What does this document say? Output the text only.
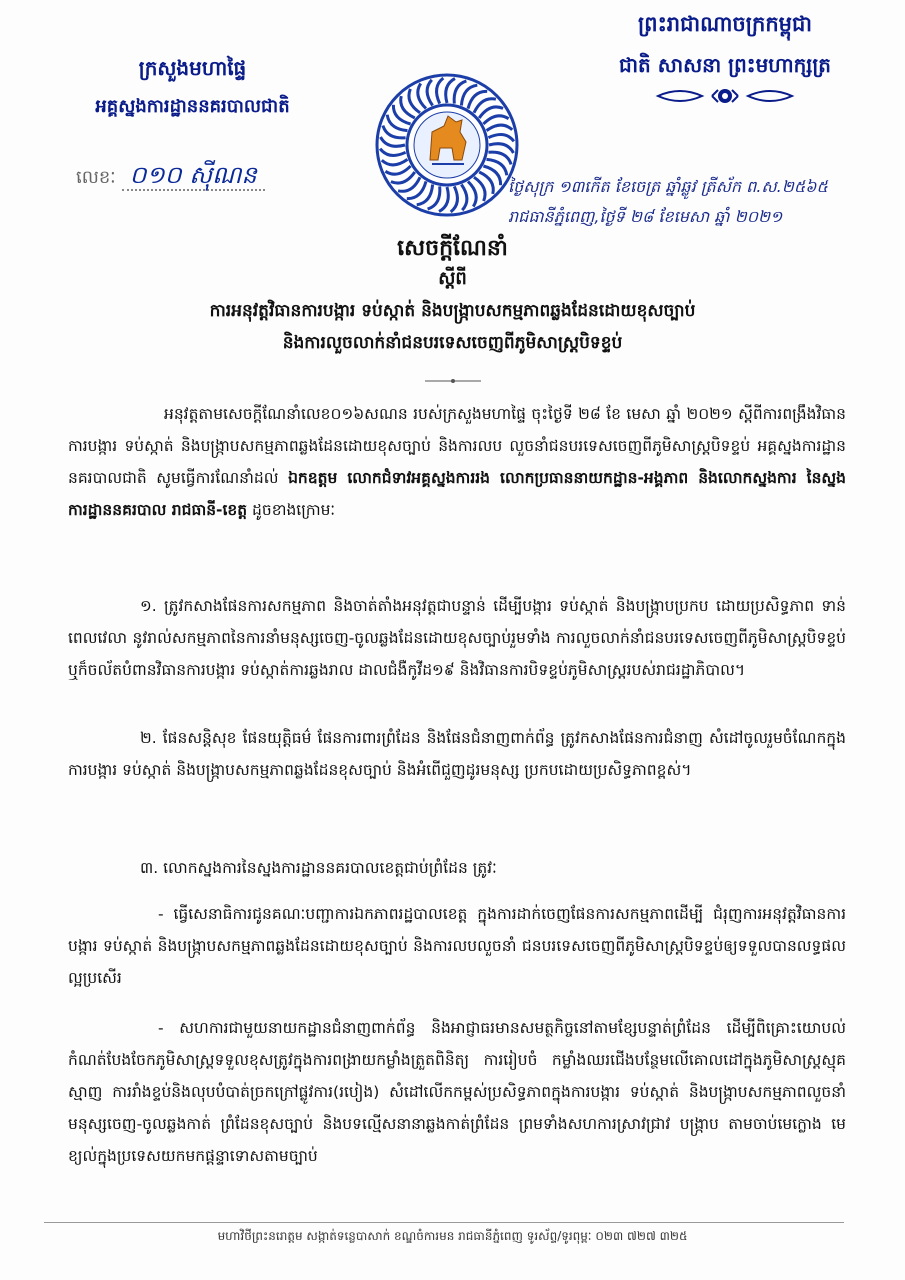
ក្រសួងមហាផ្ទៃ
អគ្គស្នងការដ្ឋាននគរបាលជាតិ
ព្រះរាជាណាចក្រកម្ពុជា
ជាតិ សាសនា ព្រះមហាក្សត្រ
លេខៈ ០១០ ស៊ីណន	ថ្ងៃសុក្រ ១៣កើត ខែចេត្រ ឆ្នាំឆ្លូវ ត្រីស័ក ព.ស.២៥៦៥
រាជធានីភ្នំពេញ,ថ្ងៃទី ២៨ ខែមេសា ឆ្នាំ ២០២១
សេចក្តីណែនាំ
ស្តីពី
ការអនុវត្តវិធានការបង្ការ ទប់ស្កាត់ និងបង្ក្រាបសកម្មភាពឆ្លងដែនដោយខុសច្បាប់
និងការលួចលាក់នាំជនបរទេសចេញពីភូមិសាស្ត្របិទខ្ទប់
អនុវត្តតាមសេចក្តីណែនាំលេខ០១៦សណន របស់ក្រសួងមហាផ្ទៃ ចុះថ្ងៃទី ២៨ ខែ មេសា ឆ្នាំ ២០២១ ស្តីពីការពង្រឹងវិធានការបង្ការ ទប់ស្កាត់ និងបង្ក្រាបសកម្មភាពឆ្លងដែនដោយខុសច្បាប់ និងការលប លួចនាំជនបរទេសចេញពីភូមិសាស្ត្របិទខ្ទប់ អគ្គស្នងការដ្ឋាននគរបាលជាតិ សូមធ្វើការណែនាំដល់ ឯកឧត្តម លោកជំទាវអគ្គស្នងការរង លោកប្រធាននាយកដ្ឋាន-អង្គភាព និងលោកស្នងការ នៃស្នងការដ្ឋាននគរបាល រាជធានី-ខេត្ត ដូចខាងក្រោមៈ
១. ត្រូវកសាងផែនការសកម្មភាព និងចាត់តាំងអនុវត្តជាបន្ទាន់ ដើម្បីបង្ការ ទប់ស្កាត់ និងបង្ក្រាបប្រកប ដោយប្រសិទ្ធភាព ទាន់ពេលវេលា នូវរាល់សកម្មភាពនៃការនាំមនុស្សចេញ-ចូលឆ្លងដែនដោយខុសច្បាប់រួមទាំង ការលួចលាក់នាំជនបរទេសចេញពីភូមិសាស្ត្របិទខ្ទប់ ឬក៏ចល័តបំពានវិធានការបង្ការ ទប់ស្កាត់ការឆ្លងរាល ដាលជំងឺកូវីដ១៩ និងវិធានការបិទខ្ទប់ភូមិសាស្ត្ររបស់រាជរដ្ឋាភិបាល។
២. ផែនសន្តិសុខ ផែនយុត្តិធម៌ ផែនការពារព្រំដែន និងផែនជំនាញពាក់ព័ន្ធ ត្រូវកសាងផែនការជំនាញ សំដៅចូលរួមចំណែកក្នុងការបង្ការ ទប់ស្កាត់ និងបង្ក្រាបសកម្មភាពឆ្លងដែនខុសច្បាប់ និងអំពើជួញដូរមនុស្ស ប្រកបដោយប្រសិទ្ធភាពខ្ពស់។
៣. លោកស្នងការនៃស្នងការដ្ឋាននគរបាលខេត្តជាប់ព្រំដែន ត្រូវៈ
- ធ្វើសេនាធិការជូនគណៈបញ្ជាការឯកភាពរដ្ឋបាលខេត្ត ក្នុងការដាក់ចេញផែនការសកម្មភាពដើម្បី ជំរុញការអនុវត្តវិធានការបង្ការ ទប់ស្កាត់ និងបង្ក្រាបសកម្មភាពឆ្លងដែនដោយខុសច្បាប់ និងការលបលួចនាំ ជនបរទេសចេញពីភូមិសាស្ត្របិទខ្ទប់ឲ្យទទួលបានលទ្ធផលល្អប្រសើរ
- សហការជាមួយនាយកដ្ឋានជំនាញពាក់ព័ន្ធ និងអាជ្ញាធរមានសមត្ថកិច្ចនៅតាមខ្សែបន្ទាត់ព្រំដែន ដើម្បីពិគ្រោះយោបល់ កំណត់បែងចែកភូមិសាស្ត្រទទួលខុសត្រូវក្នុងការពង្រាយកម្លាំងត្រួតពិនិត្យ ការរៀបចំ កម្លាំងឈរជើងបន្ថែមលើគោលដៅក្នុងភូមិសាស្ត្រស្មុគស្មាញ ការរាំងខ្ទប់និងលុបបំបាត់ច្រកក្រៅផ្លូវការ(របៀង) សំដៅលើកកម្ពស់ប្រសិទ្ធភាពក្នុងការបង្ការ ទប់ស្កាត់ និងបង្ក្រាបសកម្មភាពលួចនាំមនុស្សចេញ-ចូលឆ្លងកាត់ ព្រំដែនខុសច្បាប់ និងបទល្មើសនានាឆ្លងកាត់ព្រំដែន ព្រមទាំងសហការស្រាវជ្រាវ បង្ក្រាប តាមចាប់មេក្លោង មេខ្យល់ក្នុងប្រទេសយកមកផ្តន្ទាទោសតាមច្បាប់
មហាវិថីព្រះនរោត្តម សង្កាត់ទន្លេបាសាក់ ខណ្ឌចំការមន រាជធានីភ្នំពេញ ទូរស័ព្ទ/ទូរពុម្ពៈ ០២៣ ៧២៧ ៣២៥
